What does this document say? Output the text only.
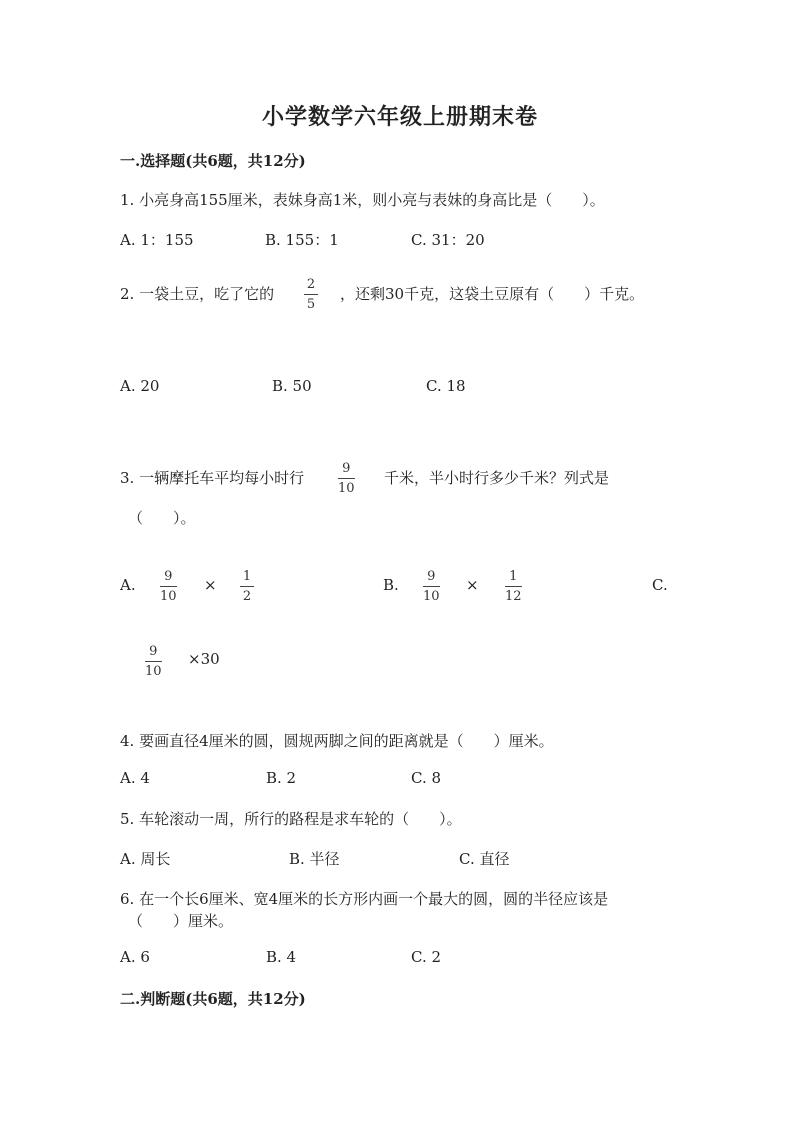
小学数学六年级上册期末卷
一.选择题(共6题，共12分)
1. 小亮身高155厘米，表妹身高1米，则小亮与表妹的身高比是（　　）。
A. 1：155	B. 155：1	C. 31：20
2. 一袋土豆，吃了它的
2
5
，还剩30千克，这袋土豆原有（　　）千克。
A. 20	B. 50	C. 18
3. 一辆摩托车平均每小时行
9
10
千米，半小时行多少千米？列式是
（　　）。
A. 9
10
× 1
2
B. 9
10
× 1
12
C.
9
10
×30
4. 要画直径4厘米的圆，圆规两脚之间的距离就是（　　）厘米。
A. 4	B. 2	C. 8
5. 车轮滚动一周，所行的路程是求车轮的（　　）。
A. 周长	B. 半径	C. 直径
6. 在一个长6厘米、宽4厘米的长方形内画一个最大的圆，圆的半径应该是
（　　）厘米。
A. 6	B. 4	C. 2
二.判断题(共6题，共12分)
